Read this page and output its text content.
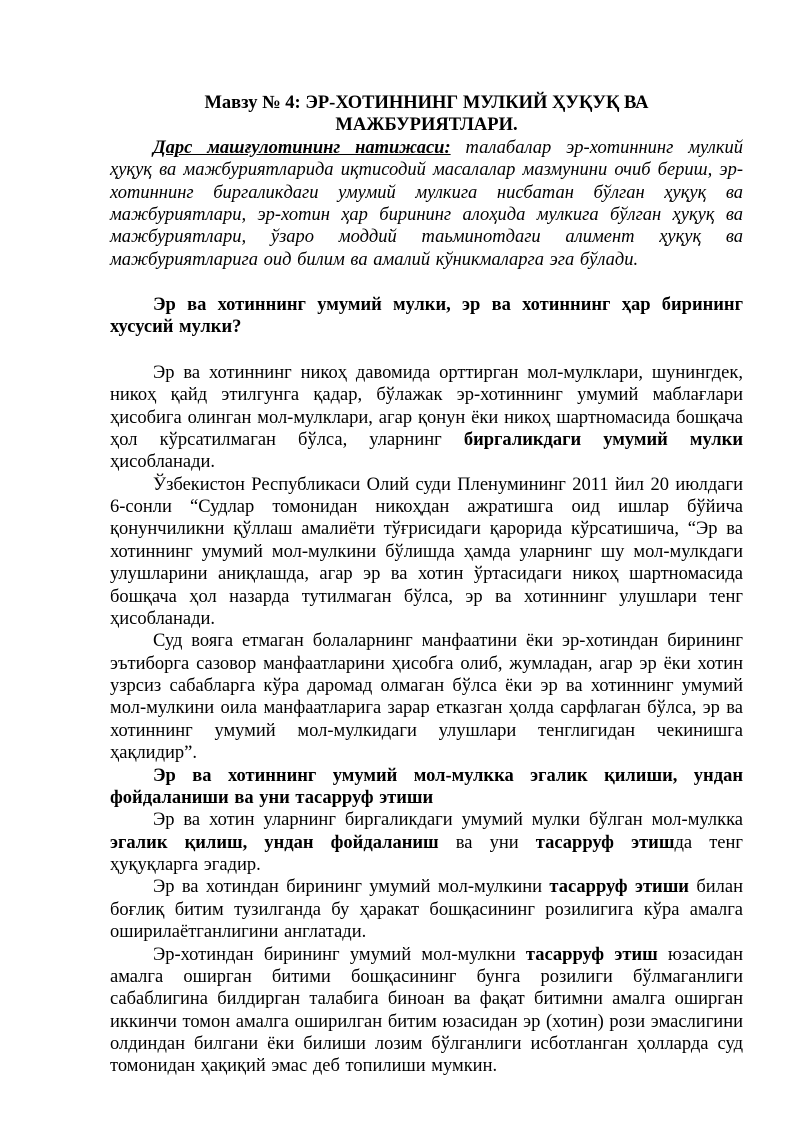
Мавзу № 4: ЭР-ХОТИННИНГ МУЛКИЙ ҲУҚУҚ ВА
МАЖБУРИЯТЛАРИ.

Дарс машғулотининг натижаси: талабалар эр-хотиннинг мулкий ҳуқуқ ва мажбуриятларида иқтисодий масалалар мазмунини очиб бериш, эр-хотиннинг биргаликдаги умумий мулкига нисбатан бўлган ҳуқуқ ва мажбуриятлари, эр-хотин ҳар бирининг алоҳида мулкига бўлган ҳуқуқ ва мажбуриятлари, ўзаро моддий таьминотдаги алимент ҳуқуқ ва мажбуриятларига оид билим ва амалий кўникмаларга эга бўлади.

Эр ва хотиннинг умумий мулки, эр ва хотиннинг ҳар бирининг хусусий мулки?

Эр ва хотиннинг никоҳ давомида орттирган мол-мулклари, шунингдек, никоҳ қайд этилгунга қадар, бўлажак эр-хотиннинг умумий маблағлари ҳисобига олинган мол-мулклари, агар қонун ёки никоҳ шартномасида бошқача ҳол кўрсатилмаган бўлса, уларнинг биргаликдаги умумий мулки ҳисобланади.

Ўзбекистон Республикаси Олий суди Пленумининг 2011 йил 20 июлдаги 6-сонли “Судлар томонидан никоҳдан ажратишга оид ишлар бўйича қонунчиликни қўллаш амалиёти тўғрисидаги қарорида кўрсатишича, “Эр ва хотиннинг умумий мол-мулкини бўлишда ҳамда уларнинг шу мол-мулкдаги улушларини аниқлашда, агар эр ва хотин ўртасидаги никоҳ шартномасида бошқача ҳол назарда тутилмаган бўлса, эр ва хотиннинг улушлари тенг ҳисобланади.

Суд вояга етмаган болаларнинг манфаатини ёки эр-хотиндан бирининг эътиборга сазовор манфаатларини ҳисобга олиб, жумладан, агар эр ёки хотин узрсиз сабабларга кўра даромад олмаган бўлса ёки эр ва хотиннинг умумий мол-мулкини оила манфаатларига зарар етказган ҳолда сарфлаган бўлса, эр ва хотиннинг умумий мол-мулкидаги улушлари тенглигидан чекинишга ҳақлидир”.

Эр ва хотиннинг умумий мол-мулкка эгалик қилиши, ундан фойдаланиши ва уни тасарруф этиши

Эр ва хотин уларнинг биргаликдаги умумий мулки бўлган мол-мулкка эгалик қилиш, ундан фойдаланиш ва уни тасарруф этишда тенг ҳуқуқларга эгадир.

Эр ва хотиндан бирининг умумий мол-мулкини тасарруф этиши билан боғлиқ битим тузилганда бу ҳаракат бошқасининг розилигига кўра амалга оширилаётганлигини англатади.

Эр-хотиндан бирининг умумий мол-мулкни тасарруф этиш юзасидан амалга оширган битими бошқасининг бунга розилиги бўлмаганлиги сабаблигина билдирган талабига биноан ва фақат битимни амалга оширган иккинчи томон амалга оширилган битим юзасидан эр (хотин) рози эмаслигини олдиндан билгани ёки билиши лозим бўлганлиги исботланган ҳолларда суд томонидан ҳақиқий эмас деб топилиши мумкин.
